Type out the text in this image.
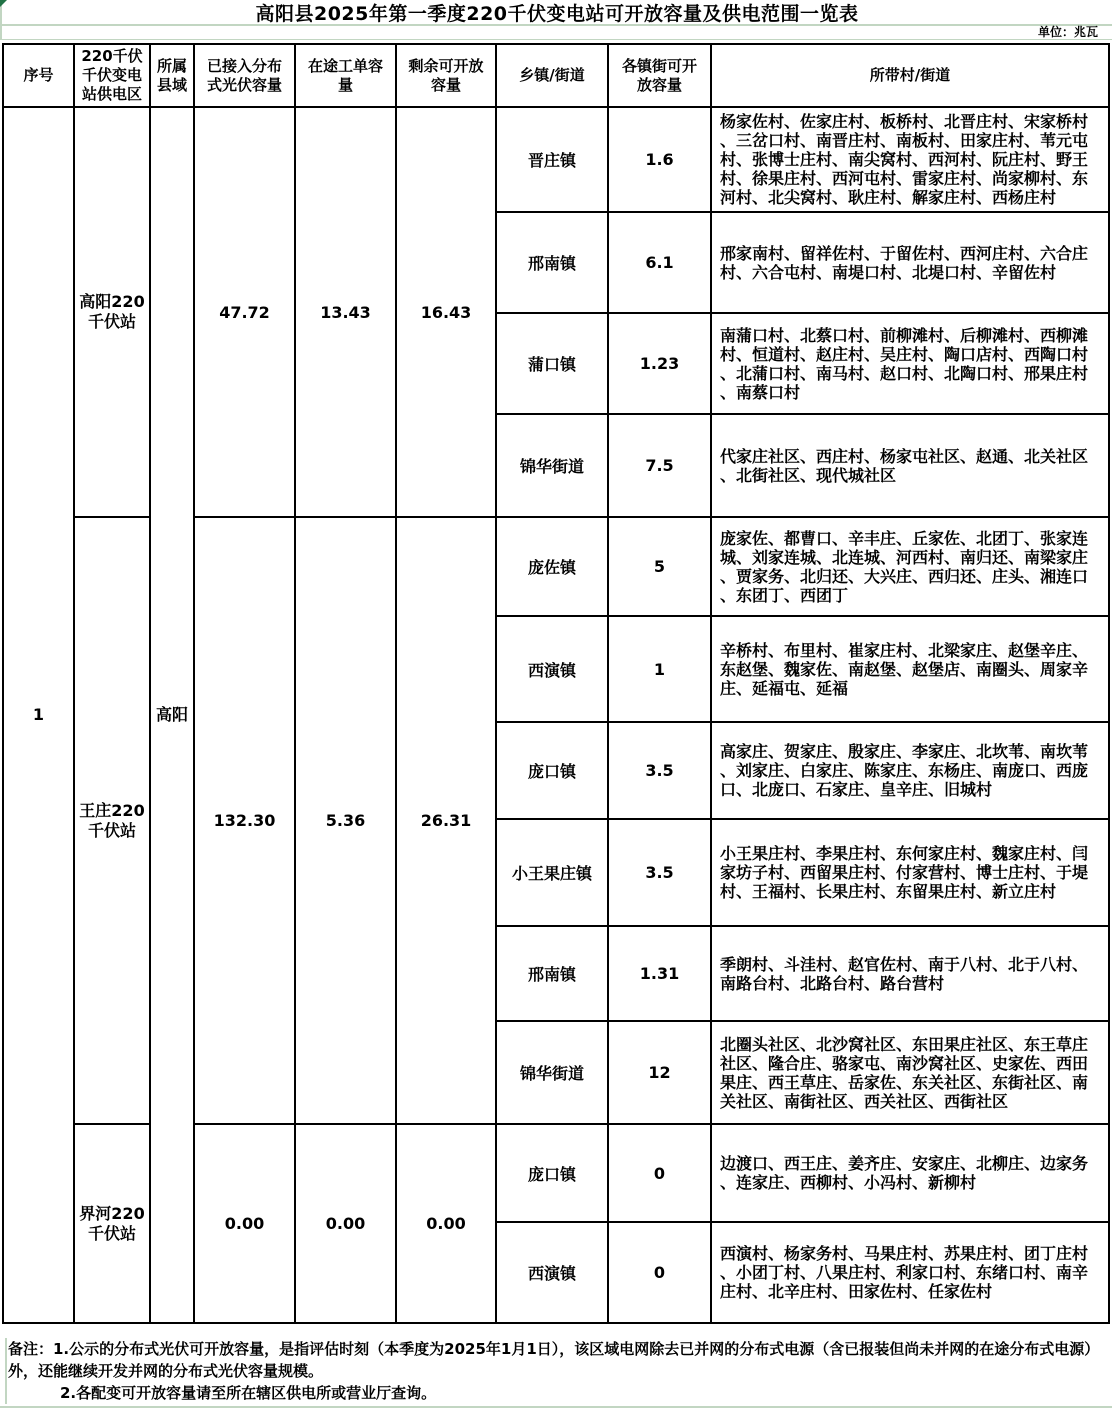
高阳县2025年第一季度220千伏变电站可开放容量及供电范围一览表
单位：兆瓦
序号	220千伏千伏变电站供电区	所属县域	已接入分布式光伏容量	在途工单容量	剩余可开放容量	乡镇/街道	各镇街可开放容量	所带村/街道
1	高阳220千伏站	高阳	47.72	13.43	16.43	晋庄镇	1.6	杨家佐村、佐家庄村、板桥村、北晋庄村、宋家桥村、三岔口村、南晋庄村、南板村、田家庄村、苇元屯村、张博士庄村、南尖窝村、西河村、阮庄村、野王村、徐果庄村、西河屯村、雷家庄村、尚家柳村、东河村、北尖窝村、耿庄村、解家庄村、西杨庄村
						邢南镇	6.1	邢家南村、留祥佐村、于留佐村、西河庄村、六合庄村、六合屯村、南堤口村、北堤口村、辛留佐村
						蒲口镇	1.23	南蒲口村、北蔡口村、前柳滩村、后柳滩村、西柳滩村、恒道村、赵庄村、吴庄村、陶口店村、西陶口村、北蒲口村、南马村、赵口村、北陶口村、邢果庄村、南蔡口村
						锦华街道	7.5	代家庄社区、西庄村、杨家屯社区、赵通、北关社区、北街社区、现代城社区
	王庄220千伏站		132.30	5.36	26.31	庞佐镇	5	庞家佐、都曹口、辛丰庄、丘家佐、北团丁、张家连城、刘家连城、北连城、河西村、南归还、南梁家庄、贾家务、北归还、大兴庄、西归还、庄头、湘连口、东团丁、西团丁
						西演镇	1	辛桥村、布里村、崔家庄村、北梁家庄、赵堡辛庄、东赵堡、魏家佐、南赵堡、赵堡店、南圈头、周家辛庄、延福屯、延福
						庞口镇	3.5	高家庄、贺家庄、殷家庄、李家庄、北坎苇、南坎苇、刘家庄、白家庄、陈家庄、东杨庄、南庞口、西庞口、北庞口、石家庄、皇辛庄、旧城村
						小王果庄镇	3.5	小王果庄村、李果庄村、东何家庄村、魏家庄村、闫家坊子村、西留果庄村、付家营村、博士庄村、于堤村、王福村、长果庄村、东留果庄村、新立庄村
						邢南镇	1.31	季朗村、斗洼村、赵官佐村、南于八村、北于八村、南路台村、北路台村、路台营村
						锦华街道	12	北圈头社区、北沙窝社区、东田果庄社区、东王草庄社区、隆合庄、骆家屯、南沙窝社区、史家佐、西田果庄、西王草庄、岳家佐、东关社区、东街社区、南关社区、南街社区、西关社区、西街社区
	界河220千伏站		0.00	0.00	0.00	庞口镇	0	边渡口、西王庄、姜齐庄、安家庄、北柳庄、边家务、连家庄、西柳村、小冯村、新柳村
						西演镇	0	西演村、杨家务村、马果庄村、苏果庄村、团丁庄村、小团丁村、八果庄村、利家口村、东绪口村、南辛庄村、北辛庄村、田家佐村、任家佐村
备注：1.公示的分布式光伏可开放容量，是指评估时刻（本季度为2025年1月1日），该区域电网除去已并网的分布式电源（含已报装但尚未并网的在途分布式电源）外，还能继续开发并网的分布式光伏容量规模。
2.各配变可开放容量请至所在辖区供电所或营业厅查询。
